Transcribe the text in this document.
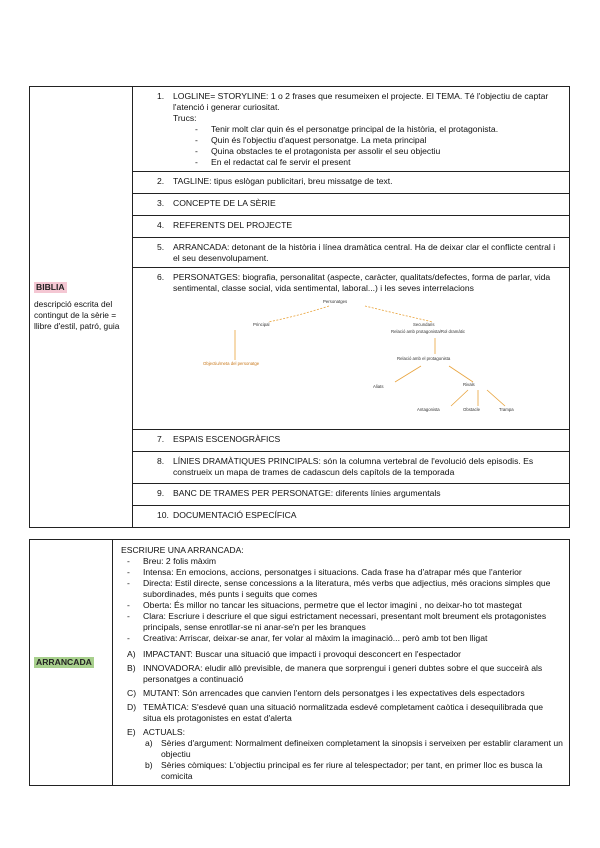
BIBLIA
descripció escrita del contingut de la sèrie = llibre d'estil, patró, guia

1. LOGLINE= STORYLINE: 1 o 2 frases que resumeixen el projecte. El TEMA. Té l'objectiu de captar l'atenció i generar curiositat.
Trucs:
- Tenir molt clar quin és el personatge principal de la història, el protagonista.
- Quin és l'objectiu d'aquest personatge. La meta principal
- Quina obstacles te el protagonista per assolir el seu objectiu
- En el redactat cal fe servir el present

2. TAGLINE: tipus eslògan publicitari, breu missatge de text.

3. CONCEPTE DE LA SÈRIE

4. REFERENTS DEL PROJECTE

5. ARRANCADA: detonant de la història i línea dramàtica central. Ha de deixar clar el conflicte central i el seu desenvolupament.

6. PERSONATGES: biografia, personalitat (aspecte, caràcter, qualitats/defectes, forma de parlar, vida sentimental, classe social, vida sentimental, laboral...) i les seves interrelacions
Personatges
Principal	Secundaris
Relació amb protagonista/Rol dramàtic
Objectiu/meta del personatge
Relació amb el protagonista
Aliats	Rivals
Antagonista	Obstacle	Trampa

7. ESPAIS ESCENOGRÀFICS

8. LÍNIES DRAMÀTIQUES PRINCIPALS: són la columna vertebral de l'evolució dels episodis. Es construeix un mapa de trames de cadascun dels capítols de la temporada

9. BANC DE TRAMES PER PERSONATGE: diferents línies argumentals

10. DOCUMENTACIÓ ESPECÍFICA
ARRANCADA	
ESCRIURE UNA ARRANCADA:
- Breu: 2 folis màxim
- Intensa: En emocions, accions, personatges i situacions. Cada frase ha d'atrapar més que l'anterior
- Directa: Estil directe, sense concessions a la literatura, més verbs que adjectius, més oracions simples que subordinades, més punts i seguits que comes
- Oberta: És millor no tancar les situacions, permetre que el lector imagini , no deixar-ho tot mastegat
- Clara: Escriure i descriure el que sigui estrictament necessari, presentant molt breument els protagonistes principals, sense enrotllar-se ni anar-se'n per les branques
- Creativa: Arriscar, deixar-se anar, fer volar al màxim la imaginació... però amb tot ben lligat
A) IMPACTANT: Buscar una situació que impacti i provoqui desconcert en l'espectador
B) INNOVADORA: eludir allò previsible, de manera que sorprengui i generi dubtes sobre el que succeirà als personatges a continuació
C) MUTANT: Són arrencades que canvien l'entorn dels personatges i les expectatives dels espectadors
D) TEMÀTICA: S'esdevé quan una situació normalitzada esdevé completament caòtica i desequilibrada que situa els protagonistes en estat d'alerta
E) ACTUALS:
a) Sèries d'argument: Normalment defineixen completament la sinopsis i serveixen per establir clarament un objectiu
b) Sèries còmiques: L'objectiu principal es fer riure al telespectador; per tant, en primer lloc es busca la comicita
